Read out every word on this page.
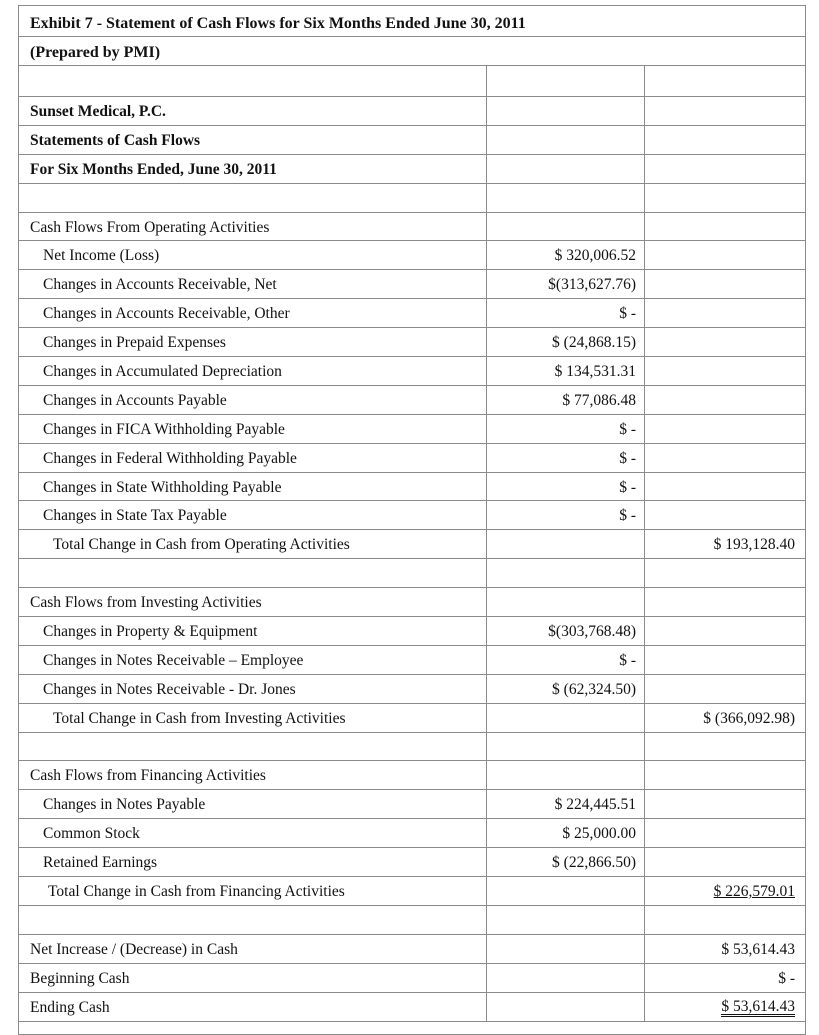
Exhibit 7 - Statement of Cash Flows for Six Months Ended June 30, 2011
(Prepared by PMI)
Sunset Medical, P.C.
Statements of Cash Flows
For Six Months Ended, June 30, 2011
Cash Flows From Operating Activities
Net Income (Loss)	$ 320,006.52
Changes in Accounts Receivable, Net	$(313,627.76)
Changes in Accounts Receivable, Other	$ -
Changes in Prepaid Expenses	$ (24,868.15)
Changes in Accumulated Depreciation	$ 134,531.31
Changes in Accounts Payable	$ 77,086.48
Changes in FICA Withholding Payable	$ -
Changes in Federal Withholding Payable	$ -
Changes in State Withholding Payable	$ -
Changes in State Tax Payable	$ -
Total Change in Cash from Operating Activities	$ 193,128.40
Cash Flows from Investing Activities
Changes in Property & Equipment	$(303,768.48)
Changes in Notes Receivable – Employee	$ -
Changes in Notes Receivable - Dr. Jones	$ (62,324.50)
Total Change in Cash from Investing Activities	$ (366,092.98)
Cash Flows from Financing Activities
Changes in Notes Payable	$ 224,445.51
Common Stock	$ 25,000.00
Retained Earnings	$ (22,866.50)
Total Change in Cash from Financing Activities	$ 226,579.01
Net Increase / (Decrease) in Cash	$ 53,614.43
Beginning Cash	$ -
Ending Cash	$ 53,614.43
